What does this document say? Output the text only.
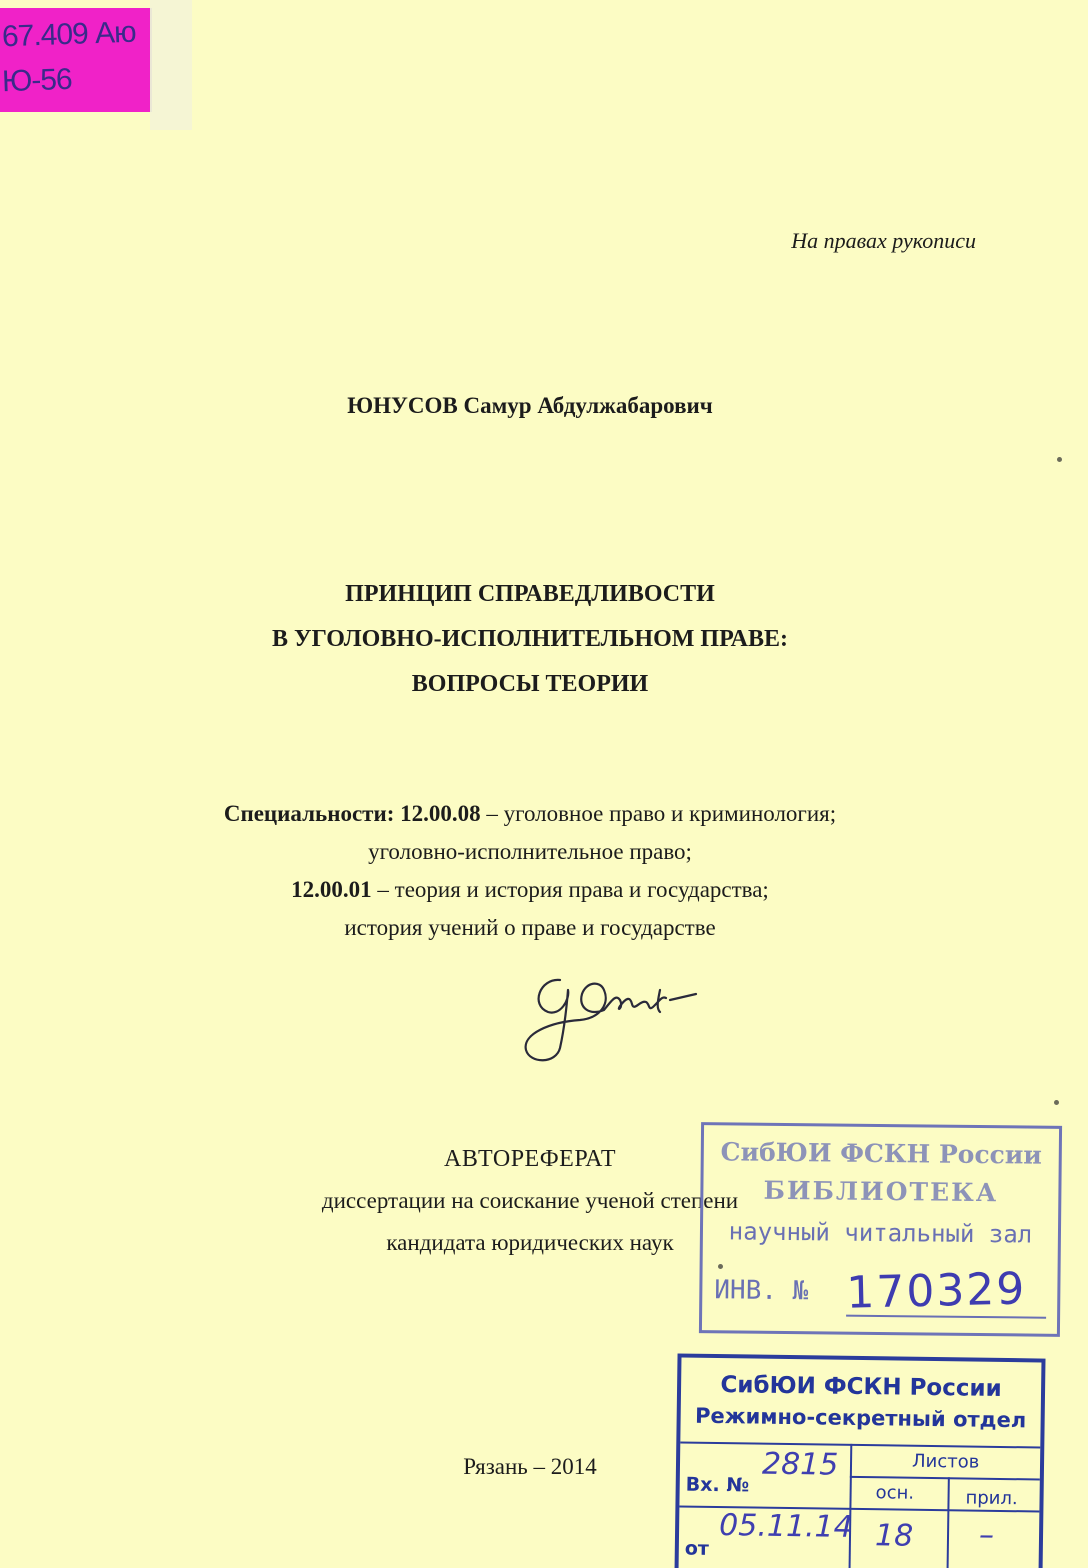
67.409 Аю
Ю-56
На правах рукописи
ЮНУСОВ Самур Абдулжабарович
ПРИНЦИП СПРАВЕДЛИВОСТИ
В УГОЛОВНО-ИСПОЛНИТЕЛЬНОМ ПРАВЕ:
ВОПРОСЫ ТЕОРИИ
Специальности: 12.00.08 – уголовное право и криминология;
уголовно-исполнительное право;
12.00.01 – теория и история права и государства;
история учений о праве и государстве
АВТОРЕФЕРАТ
диссертации на соискание ученой степени
кандидата юридических наук
Рязань – 2014
СибЮИ ФСКН России
БИБЛИОТЕКА
научный читальный зал
ИНВ. № 170329
СибЮИ ФСКН России
Режимно-секретный отдел
Листов
Вх. №
2815
осн.	прил.
от
05.11.14 18 –
